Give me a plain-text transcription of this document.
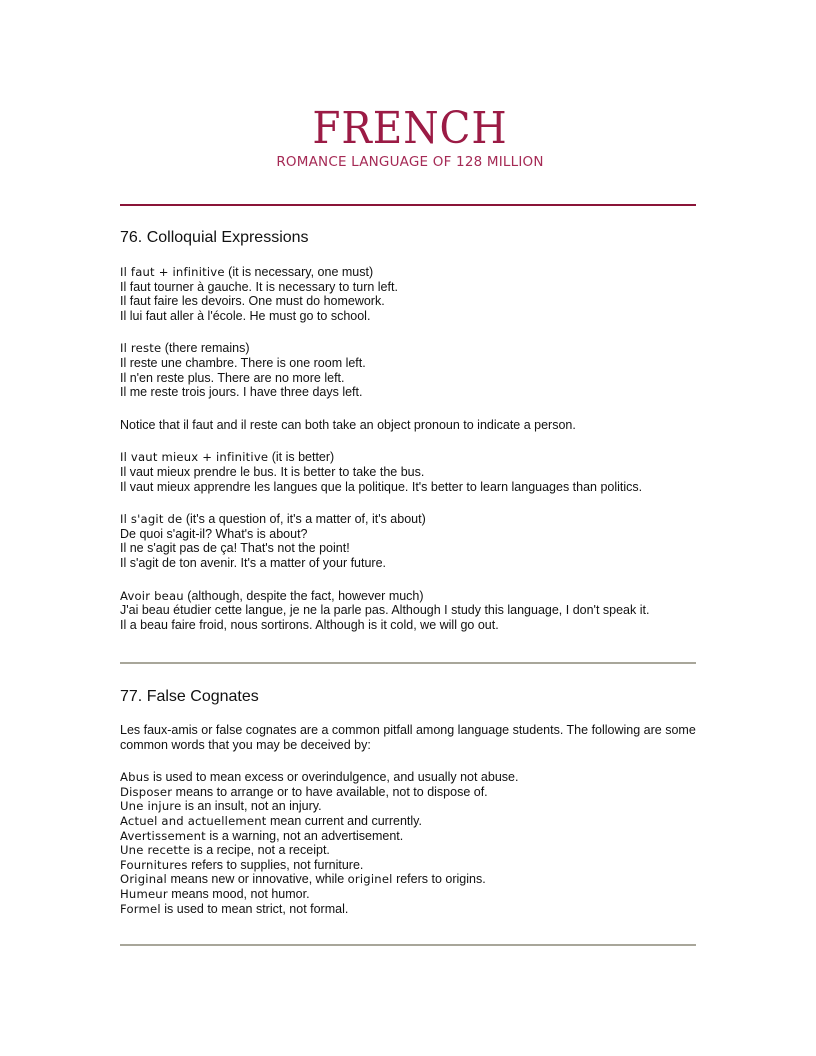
FRENCH
ROMANCE LANGUAGE OF 128 MILLION
76. Colloquial Expressions

Il faut + infinitive (it is necessary, one must)

Il faut tourner à gauche. It is necessary to turn left.

Il faut faire les devoirs. One must do homework.

Il lui faut aller à l'école. He must go to school.

Il reste (there remains)

Il reste une chambre. There is one room left.

Il n'en reste plus. There are no more left.

Il me reste trois jours. I have three days left.

Notice that il faut and il reste can both take an object pronoun to indicate a person.

Il vaut mieux + infinitive (it is better)

Il vaut mieux prendre le bus. It is better to take the bus.

Il vaut mieux apprendre les langues que la politique. It's better to learn languages than politics.

Il s'agit de (it's a question of, it's a matter of, it's about)

De quoi s'agit-il? What's is about?

Il ne s'agit pas de ça! That's not the point!

Il s'agit de ton avenir. It's a matter of your future.

Avoir beau (although, despite the fact, however much)

J'ai beau étudier cette langue, je ne la parle pas. Although I study this language, I don't speak it.

Il a beau faire froid, nous sortirons. Although is it cold, we will go out.

77. False Cognates

Les faux-amis or false cognates are a common pitfall among language students. The following are some common words that you may be deceived by:

Abus is used to mean excess or overindulgence, and usually not abuse.

Disposer means to arrange or to have available, not to dispose of.

Une injure is an insult, not an injury.

Actuel and actuellement mean current and currently.

Avertissement is a warning, not an advertisement.

Une recette is a recipe, not a receipt.

Fournitures refers to supplies, not furniture.

Original means new or innovative, while originel refers to origins.

Humeur means mood, not humor.

Formel is used to mean strict, not formal.
